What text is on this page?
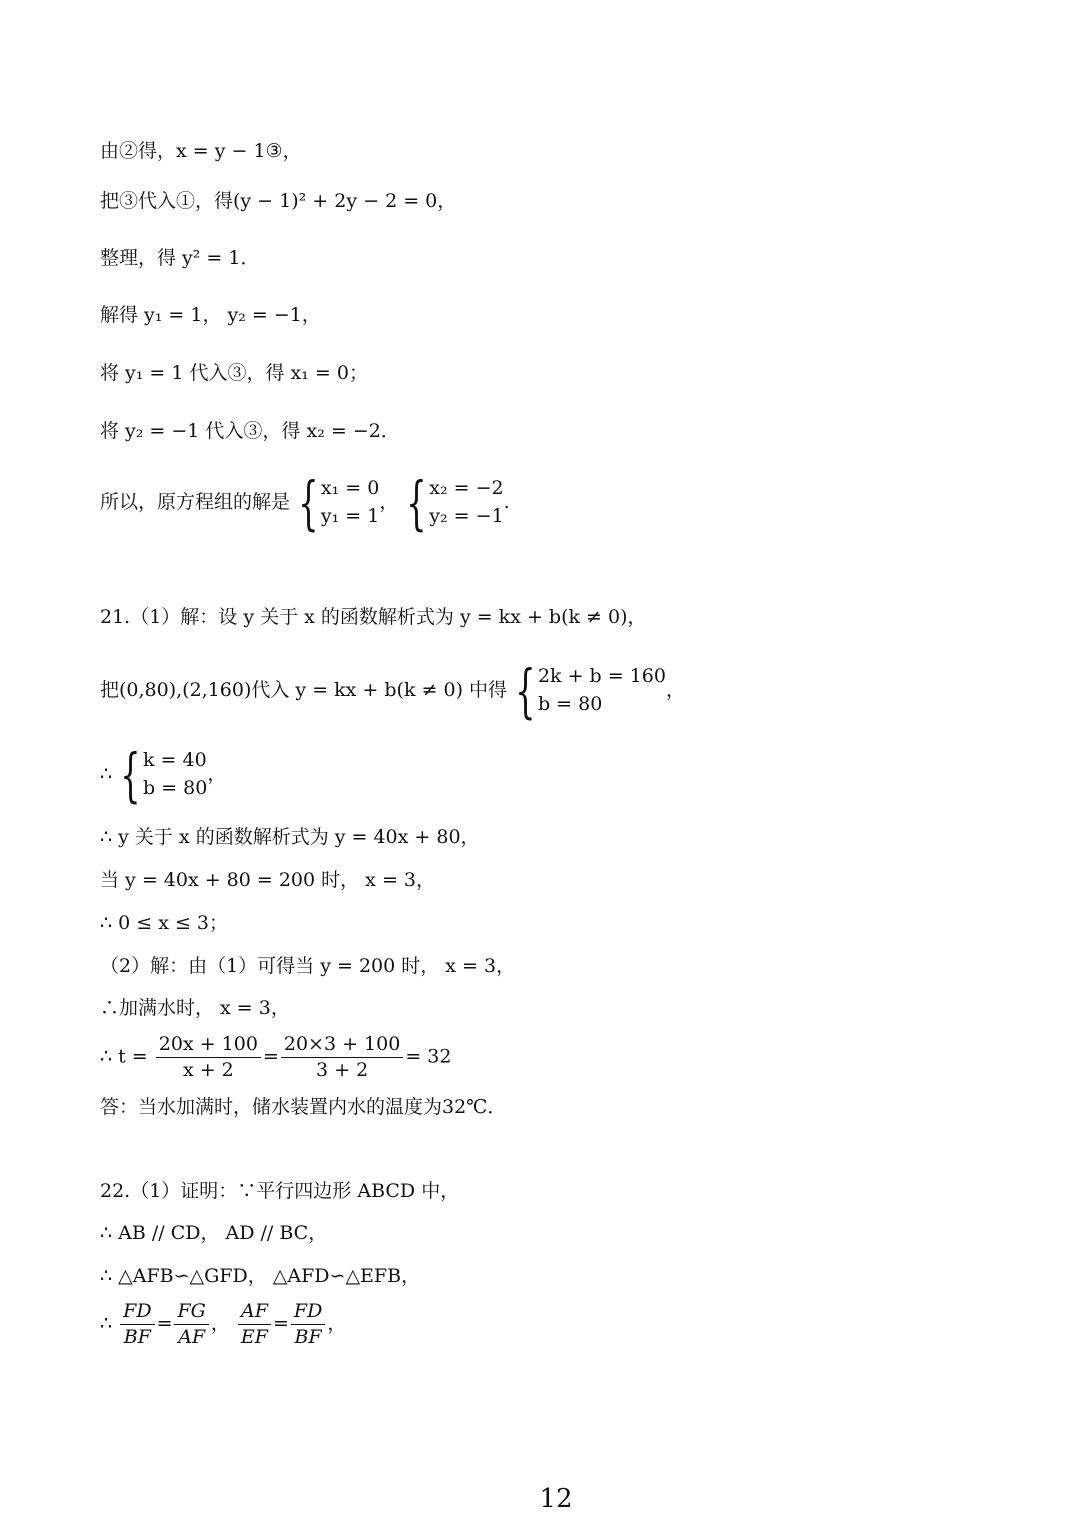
由②得，x = y − 1③，
把③代入①，得(y − 1)² + 2y − 2 = 0，
整理，得 y² = 1．
解得 y₁ = 1， y₂ = −1，
将 y₁ = 1 代入③，得 x₁ = 0；
将 y₂ = −1 代入③，得 x₂ = −2．
所以，原方程组的解是 { x₁ = 0
y₁ = 1
， { x₂ = −2
y₂ = −1
.
21.（1）解：设 y 关于 x 的函数解析式为 y = kx + b(k ≠ 0)，
把(0,80),(2,160)代入 y = kx + b(k ≠ 0) 中得 { 2k + b = 160
b = 80
，
∴ { k = 40
b = 80
，
∴ y 关于 x 的函数解析式为 y = 40x + 80，
当 y = 40x + 80 = 200 时， x = 3，
∴ 0 ≤ x ≤ 3；
（2）解：由（1）可得当 y = 200 时， x = 3，
∴加满水时， x = 3，
∴ $t = \frac{20x + 100}{x + 2} = \frac{20\times 3 + 100}{3 + 2} = 32$
答：当水加满时，储水装置内水的温度为32℃．
22.（1）证明：∵平行四边形 ABCD 中，
∴ AB // CD， AD // BC，
∴ △AFB∽△GFD， △AFD∽△EFB，
∴ $\frac{FD}{BF} = \frac{FG}{AF}$ ， $\frac{AF}{EF} = \frac{FD}{BF}$ ，
12
